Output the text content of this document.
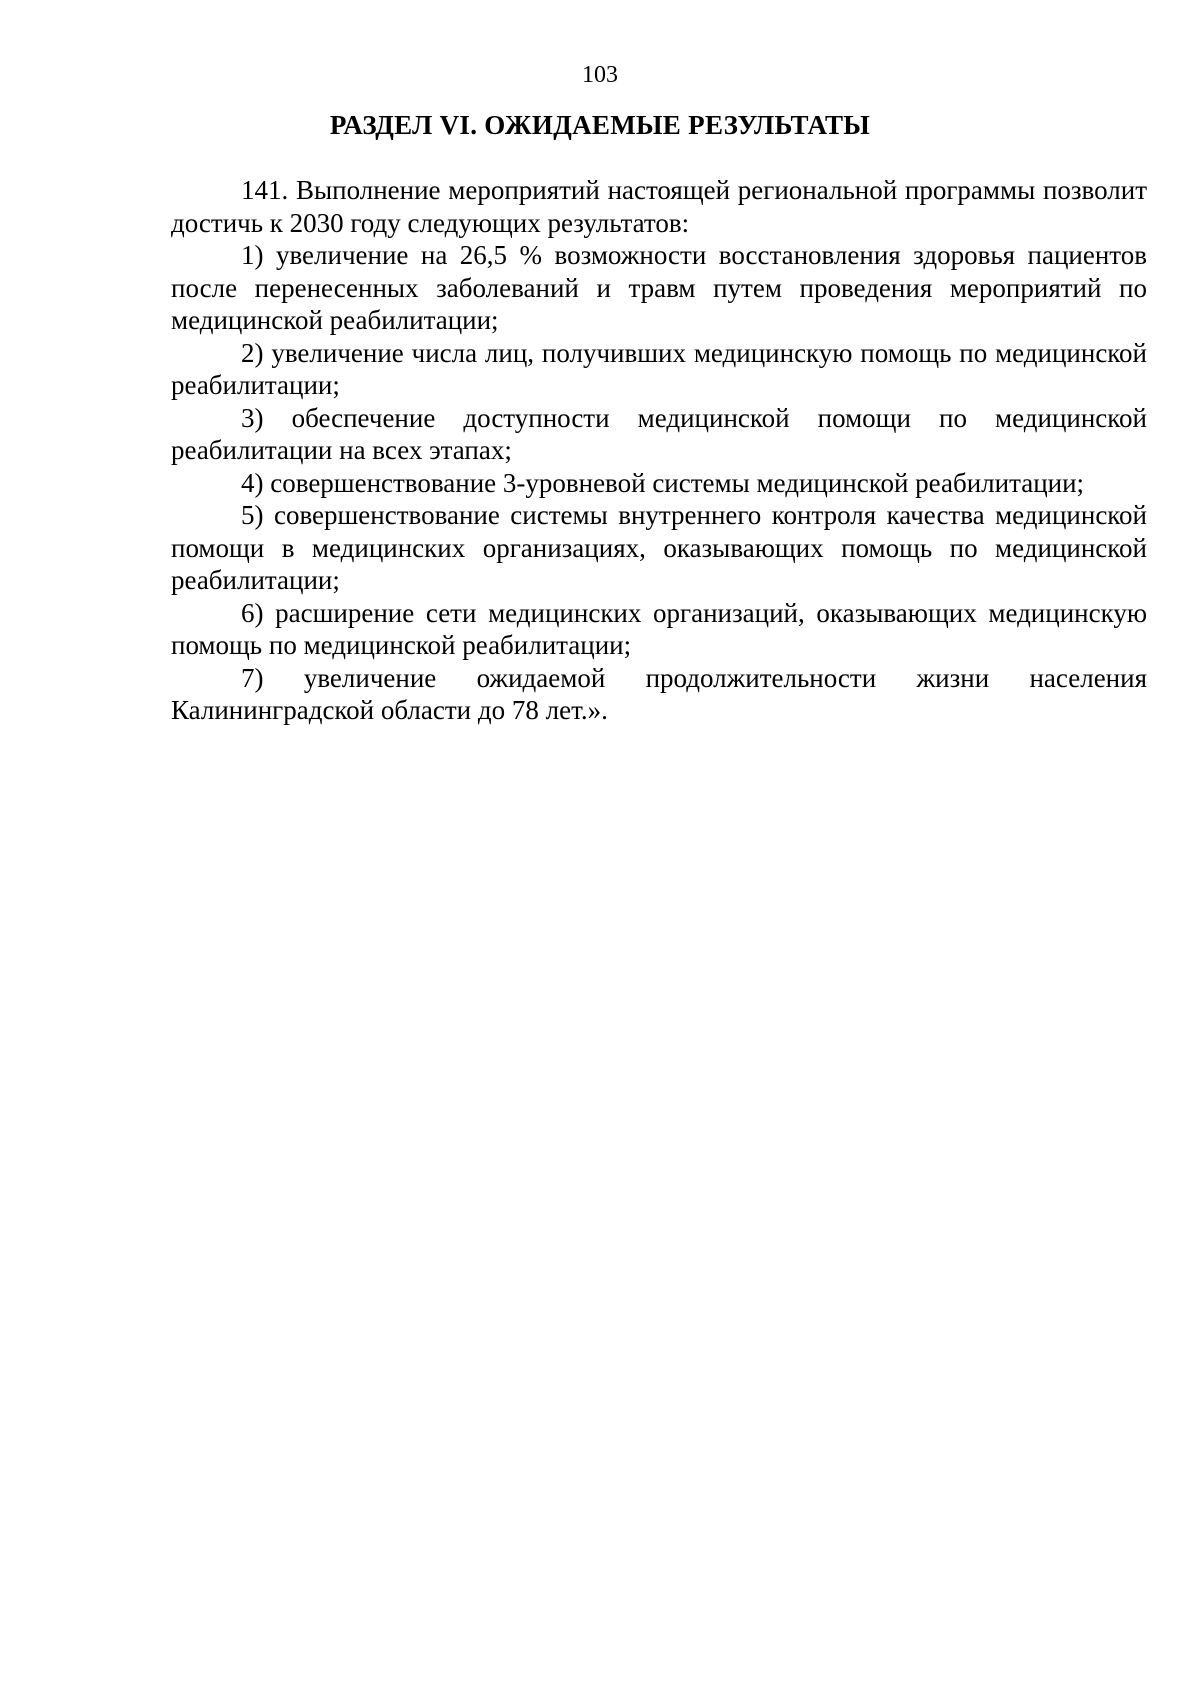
103
РАЗДЕЛ VI. ОЖИДАЕМЫЕ РЕЗУЛЬТАТЫ

141. Выполнение мероприятий настоящей региональной программы позволит достичь к 2030 году следующих результатов:

1) увеличение на 26,5 % возможности восстановления здоровья пациентов после перенесенных заболеваний и травм путем проведения мероприятий по медицинской реабилитации;

2) увеличение числа лиц, получивших медицинскую помощь по медицинской реабилитации;

3) обеспечение доступности медицинской помощи по медицинской реабилитации на всех этапах;

4) совершенствование 3-уровневой системы медицинской реабилитации;

5) совершенствование системы внутреннего контроля качества медицинской помощи в медицинских организациях, оказывающих помощь по медицинской реабилитации;

6) расширение сети медицинских организаций, оказывающих медицинскую помощь по медицинской реабилитации;

7) увеличение ожидаемой продолжительности жизни населения Калининградской области до 78 лет.».
